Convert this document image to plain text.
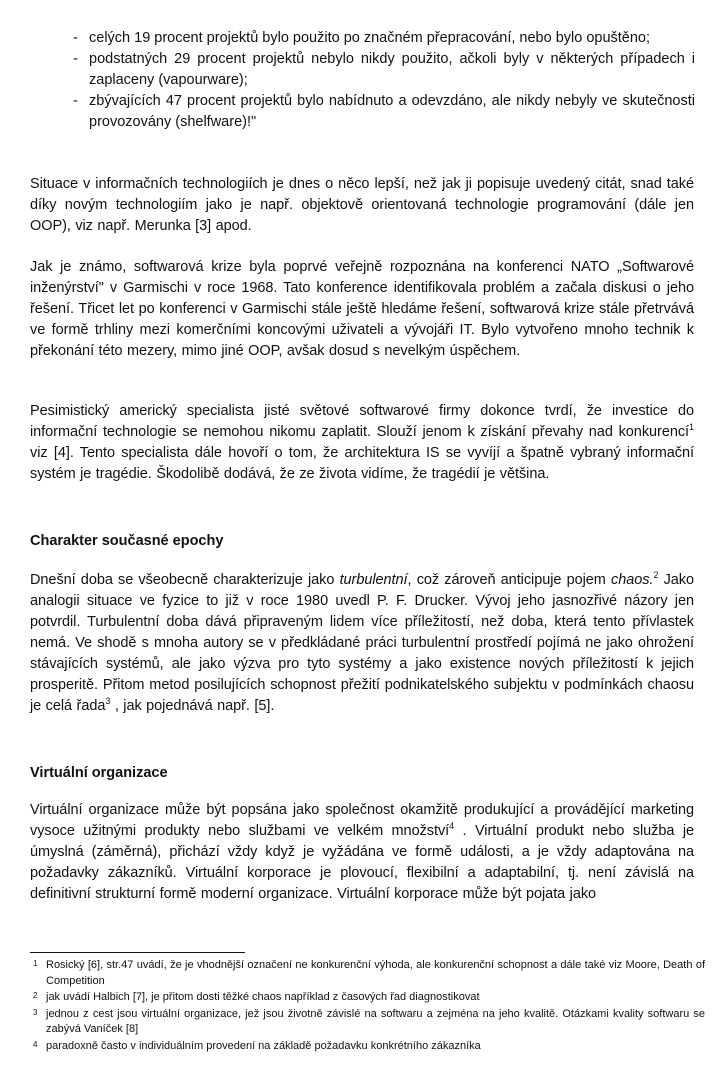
- celých 19 procent projektů bylo použito po značném přepracování, nebo bylo opuštěno;
- podstatných 29 procent projektů nebylo nikdy použito, ačkoli byly v některých případech i zaplaceny (vapourware);
- zbývajících 47 procent projektů bylo nabídnuto a odevzdáno, ale nikdy nebyly ve skutečnosti provozovány (shelfware)!"

Situace v informačních technologiích je dnes o něco lepší, než jak ji popisuje uvedený citát, snad také díky novým technologiím jako je např. objektově orientovaná technologie programování (dále jen OOP), viz např. Merunka [3] apod.

Jak je známo, softwarová krize byla poprvé veřejně rozpoznána na konferenci NATO „Softwarové inženýrství" v Garmischi v roce 1968. Tato konference identifikovala problém a začala diskusi o jeho řešení. Třicet let po konferenci v Garmischi stále ještě hledáme řešení, softwarová krize stále přetrvává ve formě trhliny mezi komerčními koncovými uživateli a vývojáři IT. Bylo vytvořeno mnoho technik k překonání této mezery, mimo jiné OOP, avšak dosud s nevelkým úspěchem.

Pesimistický americký specialista jisté světové softwarové firmy dokonce tvrdí, že investice do informační technologie se nemohou nikomu zaplatit. Slouží jenom k získání převahy nad konkurencí$^1$ viz [4]. Tento specialista dále hovoří o tom, že architektura IS se vyvíjí a špatně vybraný informační systém je tragédie. Škodolibě dodává, že ze života vidíme, že tragédií je většina.

Charakter současné epochy

Dnešní doba se všeobecně charakterizuje jako turbulentní, což zároveň anticipuje pojem chaos.$^2$ Jako analogii situace ve fyzice to již v roce 1980 uvedl P. F. Drucker. Vývoj jeho jasnozřivé názory jen potvrdil. Turbulentní doba dává připraveným lidem více příležitostí, než doba, která tento přívlastek nemá. Ve shodě s mnoha autory se v předkládané práci turbulentní prostředí pojímá ne jako ohrožení stávajících systémů, ale jako výzva pro tyto systémy a jako existence nových příležitostí k jejich prosperitě. Přitom metod posilujících schopnost přežití podnikatelského subjektu v podmínkách chaosu je celá řada$^3$ , jak pojednává např. [5].

Virtuální organizace

Virtuální organizace může být popsána jako společnost okamžitě produkující a provádějící marketing vysoce užitnými produkty nebo službami ve velkém množství$^4$ . Virtuální produkt nebo služba je úmyslná (záměrná), přichází vždy když je vyžádána ve formě události, a je vždy adaptována na požadavky zákazníků. Virtuální korporace je plovoucí, flexibilní a adaptabilní, tj. není závislá na definitivní strukturní formě moderní organizace. Virtuální korporace může být pojata jako

1 Rosický [6], str.47 uvádí, že je vhodnější označení ne konkurenční výhoda, ale konkurenční schopnost a dále také viz Moore, Death of Competition

2 jak uvádí Halbich [7], je přitom dosti těžké chaos například z časových řad diagnostikovat

3 jednou z cest jsou virtuální organizace, jež jsou životně závislé na softwaru a zejména na jeho kvalitě. Otázkami kvality softwaru se zabývá Vaníček [8]

4 paradoxně často v individuálním provedení na základě požadavku konkrétního zákazníka
